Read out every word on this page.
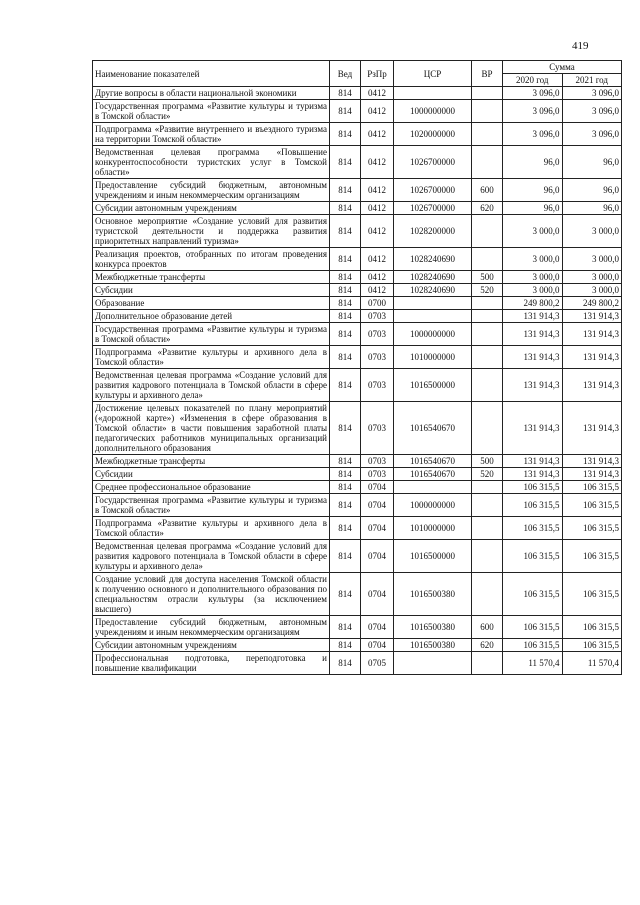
419
Наименование показателей	Вед	РзПр	ЦСР	ВР	Сумма	
					2020 год	2021 год
Другие вопросы в области национальной экономики	814	0412			3 096,0	3 096,0
Государственная программа «Развитие культуры и туризма в Томской области»	814	0412	1000000000		3 096,0	3 096,0
Подпрограмма «Развитие внутреннего и въездного туризма на территории Томской области»	814	0412	1020000000		3 096,0	3 096,0
Ведомственная целевая программа «Повышение конкурентоспособности туристских услуг в Томской области»	814	0412	1026700000		96,0	96,0
Предоставление субсидий бюджетным, автономным учреждениям и иным некоммерческим организациям	814	0412	1026700000	600	96,0	96,0
Субсидии автономным учреждениям	814	0412	1026700000	620	96,0	96,0
Основное мероприятие «Создание условий для развития туристской деятельности и поддержка развития приоритетных направлений туризма»	814	0412	1028200000		3 000,0	3 000,0
Реализация проектов, отобранных по итогам проведения конкурса проектов	814	0412	1028240690		3 000,0	3 000,0
Межбюджетные трансферты	814	0412	1028240690	500	3 000,0	3 000,0
Субсидии	814	0412	1028240690	520	3 000,0	3 000,0
Образование	814	0700			249 800,2	249 800,2
Дополнительное образование детей	814	0703			131 914,3	131 914,3
Государственная программа «Развитие культуры и туризма в Томской области»	814	0703	1000000000		131 914,3	131 914,3
Подпрограмма «Развитие культуры и архивного дела в Томской области»	814	0703	1010000000		131 914,3	131 914,3
Ведомственная целевая программа «Создание условий для развития кадрового потенциала в Томской области в сфере культуры и архивного дела»	814	0703	1016500000		131 914,3	131 914,3
Достижение целевых показателей по плану мероприятий («дорожной карте») «Изменения в сфере образования в Томской области» в части повышения заработной платы педагогических работников муниципальных организаций дополнительного образования	814	0703	1016540670		131 914,3	131 914,3
Межбюджетные трансферты	814	0703	1016540670	500	131 914,3	131 914,3
Субсидии	814	0703	1016540670	520	131 914,3	131 914,3
Среднее профессиональное образование	814	0704			106 315,5	106 315,5
Государственная программа «Развитие культуры и туризма в Томской области»	814	0704	1000000000		106 315,5	106 315,5
Подпрограмма «Развитие культуры и архивного дела в Томской области»	814	0704	1010000000		106 315,5	106 315,5
Ведомственная целевая программа «Создание условий для развития кадрового потенциала в Томской области в сфере культуры и архивного дела»	814	0704	1016500000		106 315,5	106 315,5
Создание условий для доступа населения Томской области к получению основного и дополнительного образования по специальностям отрасли культуры (за исключением высшего)	814	0704	1016500380		106 315,5	106 315,5
Предоставление субсидий бюджетным, автономным учреждениям и иным некоммерческим организациям	814	0704	1016500380	600	106 315,5	106 315,5
Субсидии автономным учреждениям	814	0704	1016500380	620	106 315,5	106 315,5
Профессиональная подготовка, переподготовка и повышение квалификации	814	0705			11 570,4	11 570,4
